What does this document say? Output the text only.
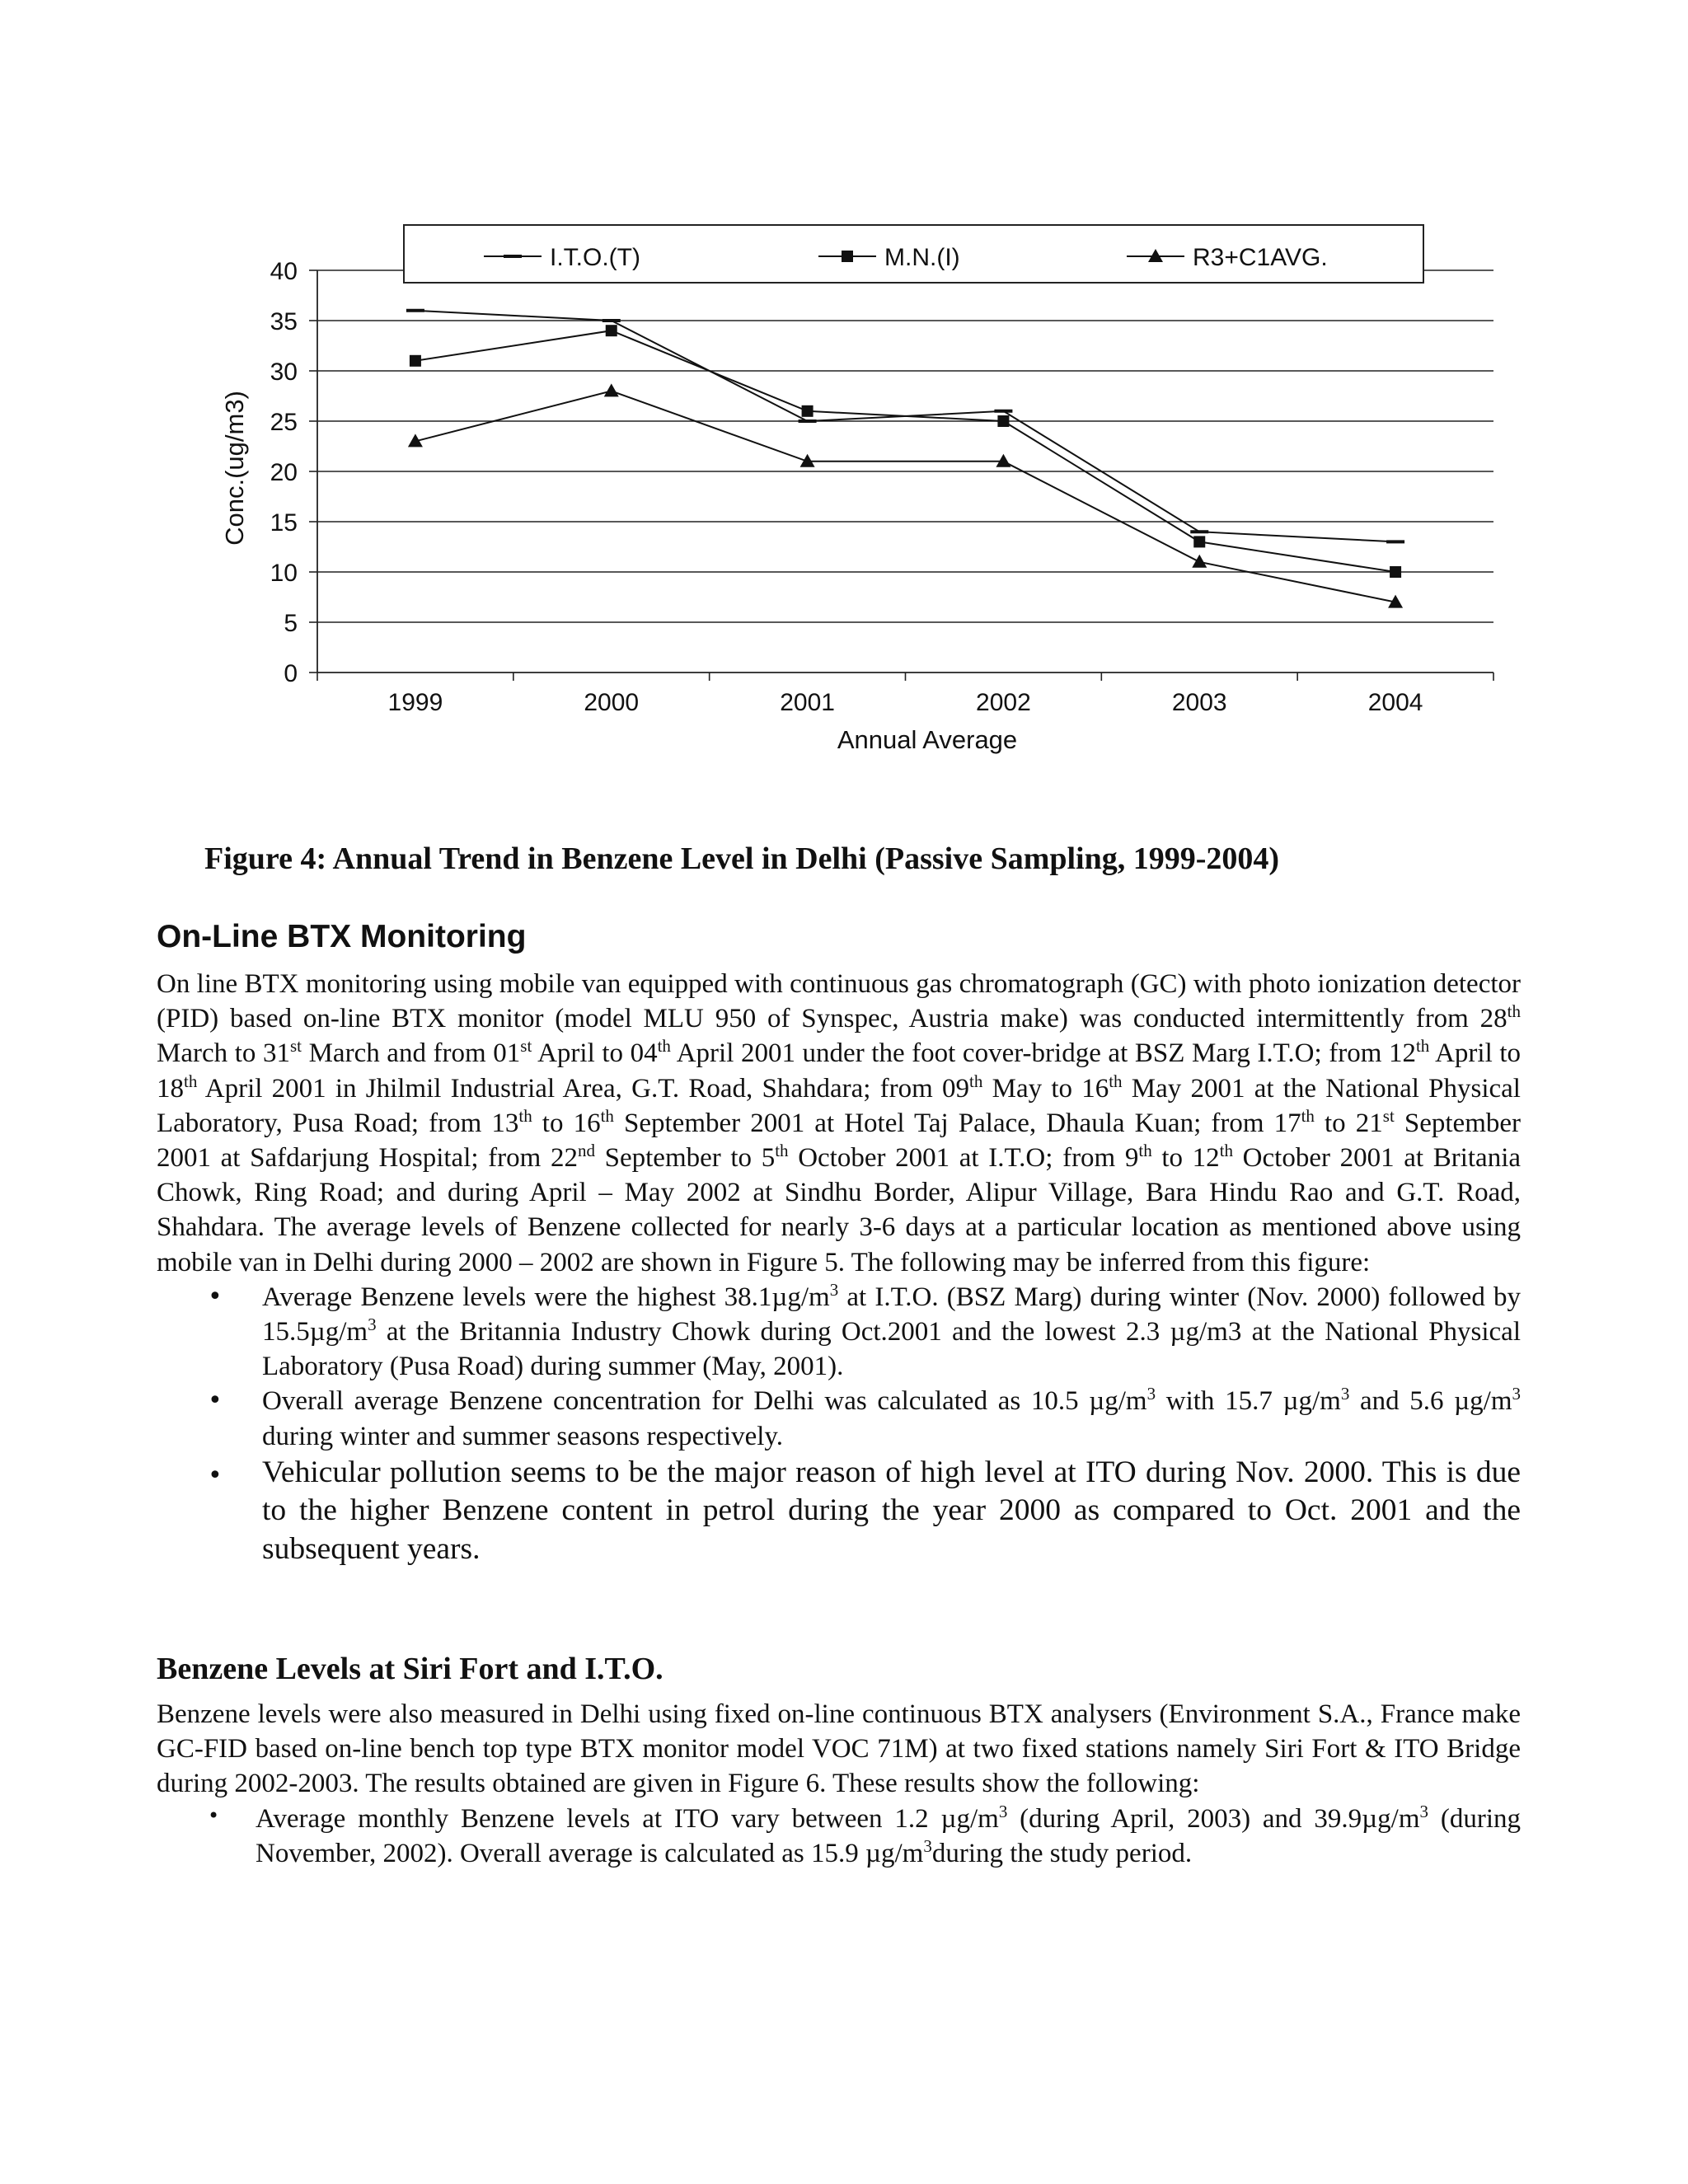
0
5
10
15
20
25
30
35
40
1999	2000	2001	2002	2003	2004
I.T.O.(T)	M.N.(I)	R3+C1AVG.
Conc.(ug/m3)
Annual Average
Figure 4: Annual Trend in Benzene Level in Delhi (Passive Sampling, 1999-2004)
On-Line BTX Monitoring

On line BTX monitoring using mobile van equipped with continuous gas chromatograph (GC) with photo ionization detector (PID) based on-line BTX monitor (model MLU 950 of Synspec, Austria make) was conducted intermittently from 28th March to 31st March and from 01st April to 04th April 2001 under the foot cover-bridge at BSZ Marg I.T.O; from 12th April to 18th April 2001 in Jhilmil Industrial Area, G.T. Road, Shahdara; from 09th May to 16th May 2001 at the National Physical Laboratory, Pusa Road; from 13th to 16th September 2001 at Hotel Taj Palace, Dhaula Kuan; from 17th to 21st September 2001 at Safdarjung Hospital; from 22nd September to 5th October 2001 at I.T.O; from 9th to 12th October 2001 at Britania Chowk, Ring Road; and during April – May 2002 at Sindhu Border, Alipur Village, Bara Hindu Rao and G.T. Road, Shahdara. The average levels of Benzene collected for nearly 3-6 days at a particular location as mentioned above using mobile van in Delhi during 2000 – 2002 are shown in Figure 5. The following may be inferred from this figure:

• Average Benzene levels were the highest $38.1\mu g/m^3$ at I.T.O. (BSZ Marg) during winter (Nov. 2000) followed by $15.5\mu g/m^3$ at the Britannia Industry Chowk during Oct.2001 and the lowest 2.3 µg/m3 at the National Physical Laboratory (Pusa Road) during summer (May, 2001).
• Overall average Benzene concentration for Delhi was calculated as 10.5 $\mu g/m^3$ with 15.7 $\mu g/m^3$ and 5.6 $\mu g/m^3$ during winter and summer seasons respectively.
• Vehicular pollution seems to be the major reason of high level at ITO during Nov. 2000. This is due to the higher Benzene content in petrol during the year 2000 as compared to Oct. 2001 and the subsequent years.
Benzene Levels at Siri Fort and I.T.O.

Benzene levels were also measured in Delhi using fixed on-line continuous BTX analysers (Environment S.A., France make GC-FID based on-line bench top type BTX monitor model VOC 71M) at two fixed stations namely Siri Fort & ITO Bridge during 2002-2003. The results obtained are given in Figure 6. These results show the following:

• Average monthly Benzene levels at ITO vary between 1.2 $\mu g/m^3$ (during April, 2003) and $39.9\mu g/m^3$ (during November, 2002). Overall average is calculated as 15.9 $\mu g/m^3during$ the study period.
